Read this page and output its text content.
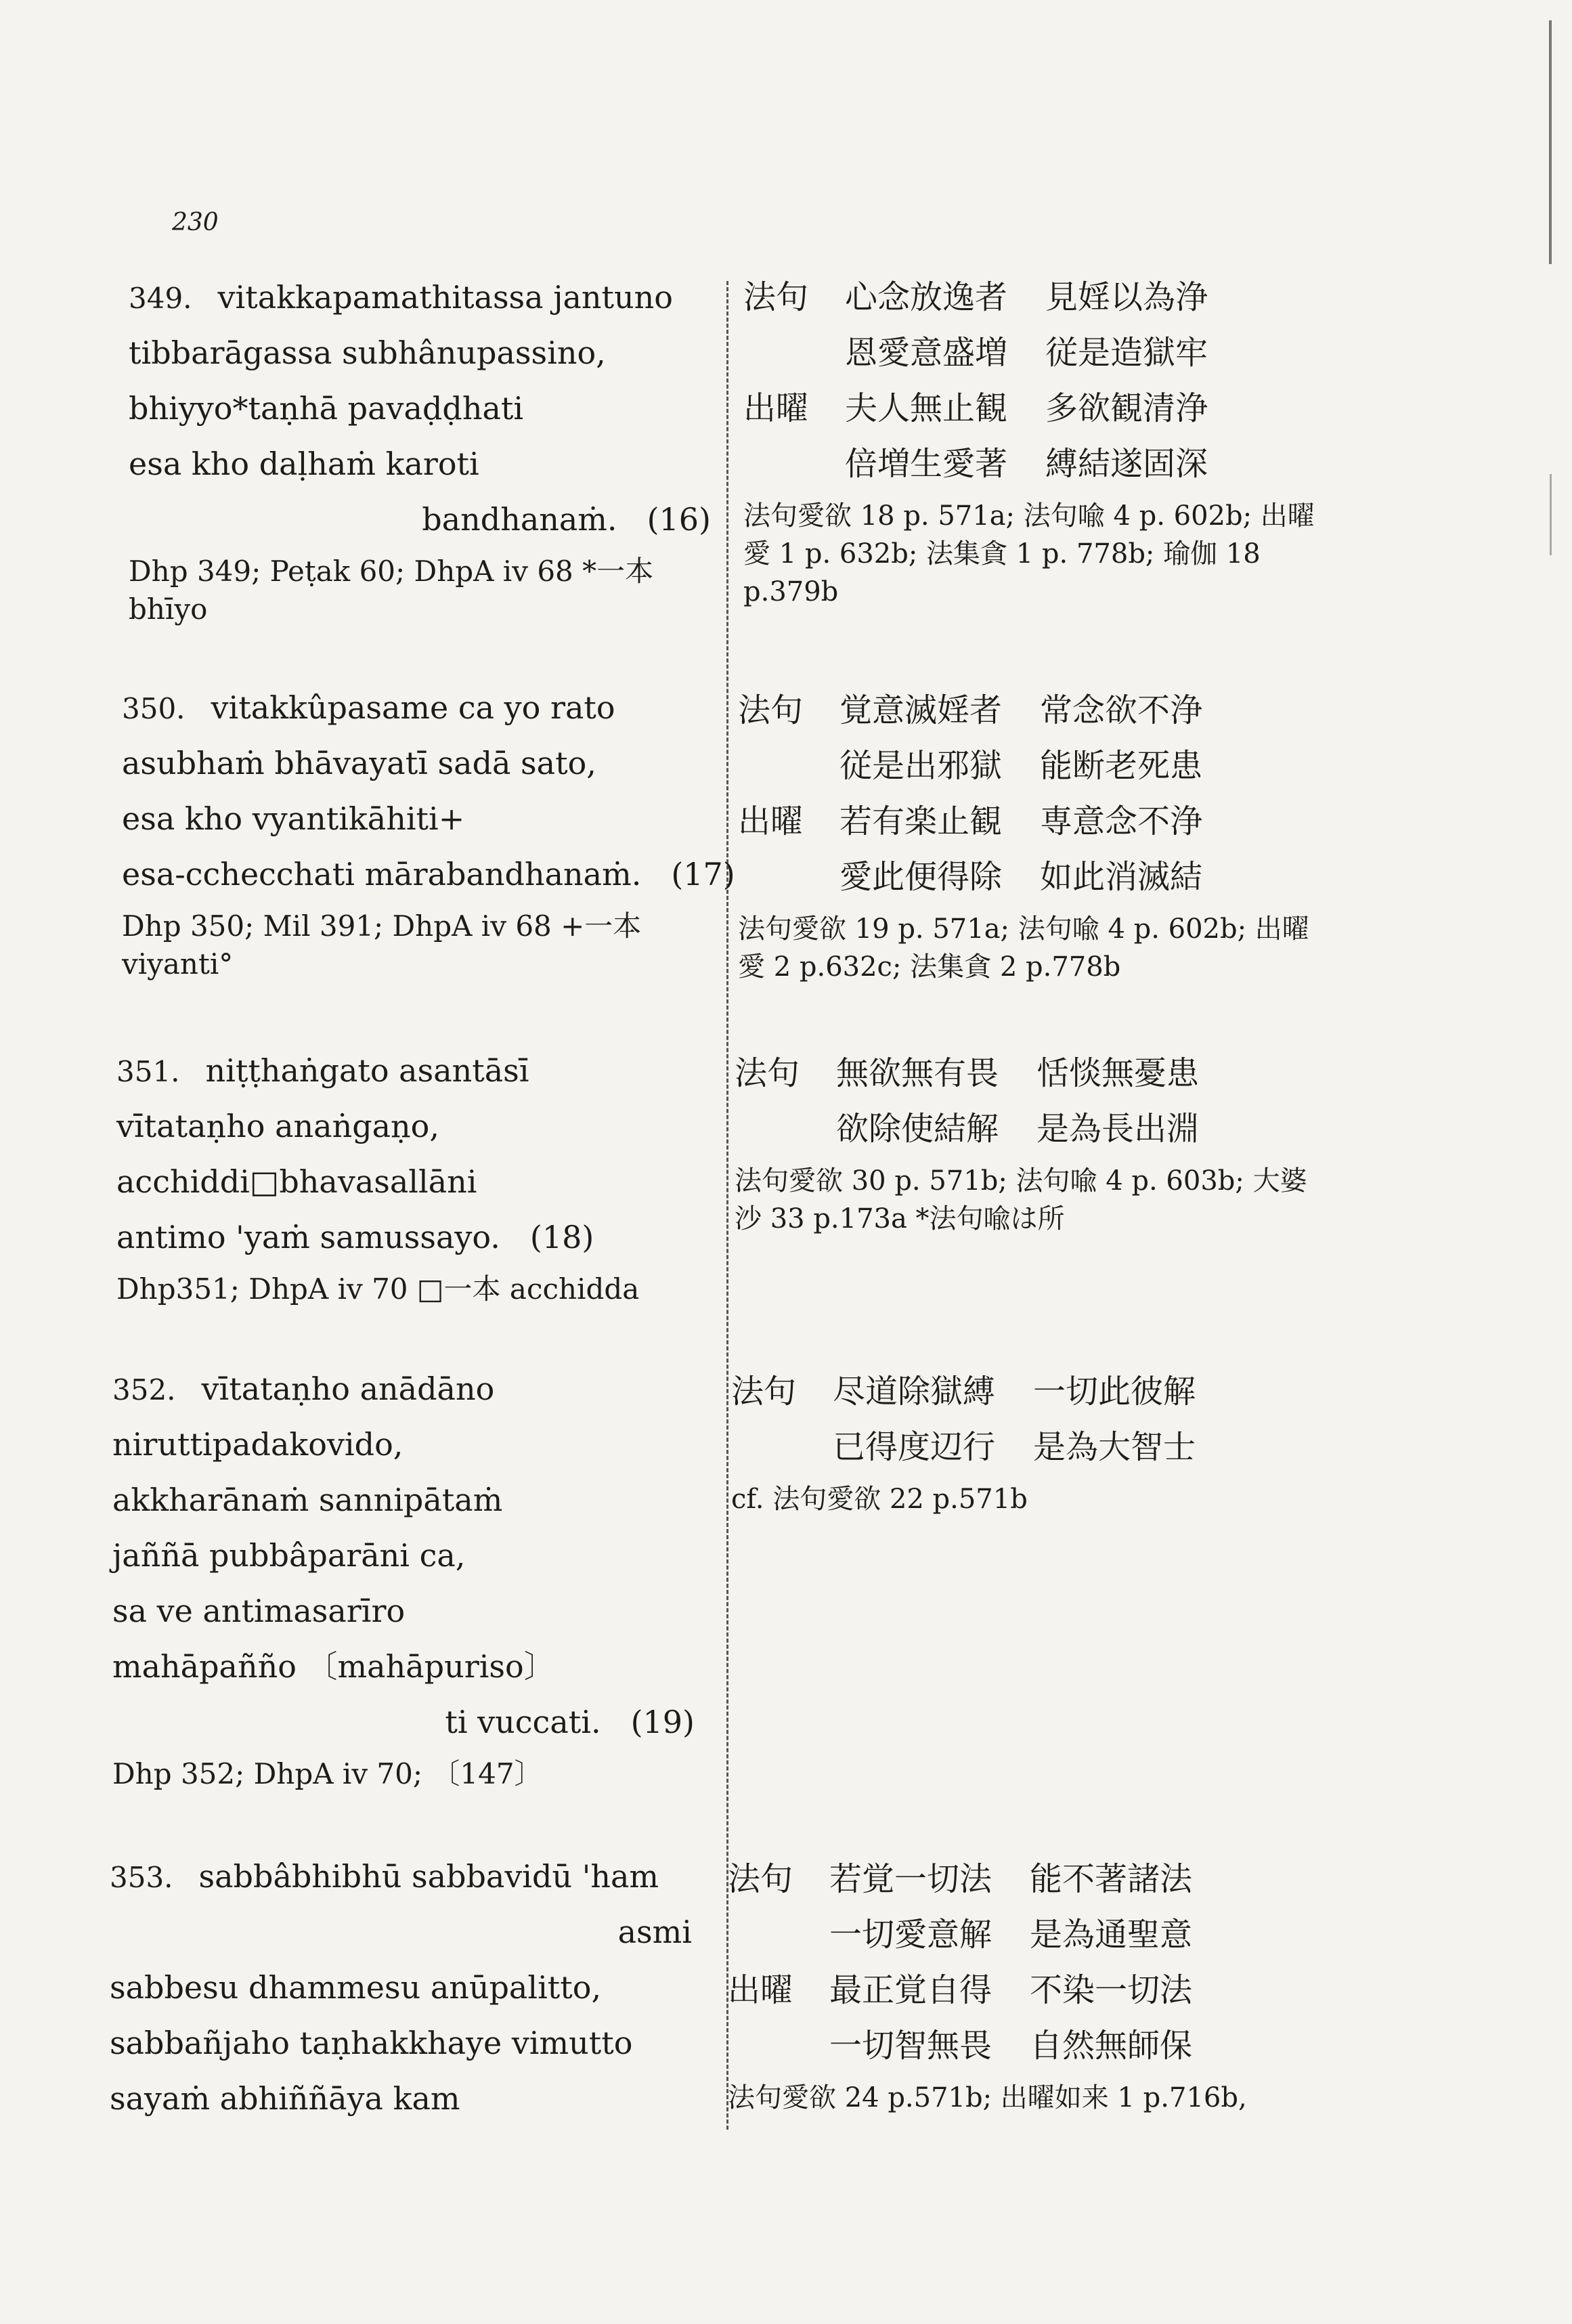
230
349. vitakkapamathitassa jantuno
tibbarāgassa subhânupassino,
bhiyyo*taṇhā pavaḍḍhati
esa kho daḷhaṁ karoti
bandhanaṁ. (16)
Dhp 349; Peṭak 60; DhpA iv 68 *一本 bhīyo
法句 心念放逸者 見婬以為浄
恩愛意盛増 従是造獄牢
出曜 夫人無止観 多欲観清浄
倍増生愛著 縛結遂固深
法句愛欲 18 p. 571a; 法句喩 4 p. 602b; 出曜愛 1 p. 632b; 法集貪 1 p. 778b; 瑜伽 18 p.379b
350. vitakkûpasame ca yo rato
asubhaṁ bhāvayatī sadā sato,
esa kho vyantikāhiti+
esa-cchecchati mārabandhanaṁ. (17)
Dhp 350; Mil 391; DhpA iv 68 +一本 viyanti°
法句 覚意滅婬者 常念欲不浄
従是出邪獄 能断老死患
出曜 若有楽止観 専意念不浄
愛此便得除 如此消滅結
法句愛欲 19 p. 571a; 法句喩 4 p. 602b; 出曜愛 2 p.632c; 法集貪 2 p.778b
351. niṭṭhaṅgato asantāsī
vītataṇho anaṅgaṇo,
acchiddi□bhavasallāni
antimo 'yaṁ samussayo. (18)
Dhp351; DhpA iv 70 □一本 acchidda
法句 無欲無有畏 恬惔無憂患
欲除使結解 是為長出淵
法句愛欲 30 p. 571b; 法句喩 4 p. 603b; 大婆沙 33 p.173a *法句喩は所
352. vītataṇho anādāno
niruttipadakovido,
akkharānaṁ sannipātaṁ
jaññā pubbâparāni ca,
sa ve antimasarīro
mahāpañño 〔mahāpuriso〕
ti vuccati. (19)
Dhp 352; DhpA iv 70; 〔147〕
法句 尽道除獄縛 一切此彼解
已得度辺行 是為大智士
cf. 法句愛欲 22 p.571b
353. sabbâbhibhū sabbavidū 'ham
asmi
sabbesu dhammesu anūpalitto,
sabbañjaho taṇhakkhaye vimutto
sayaṁ abhiññāya kam
法句 若覚一切法 能不著諸法
一切愛意解 是為通聖意
出曜 最正覚自得 不染一切法
一切智無畏 自然無師保
法句愛欲 24 p.571b; 出曜如来 1 p.716b,
